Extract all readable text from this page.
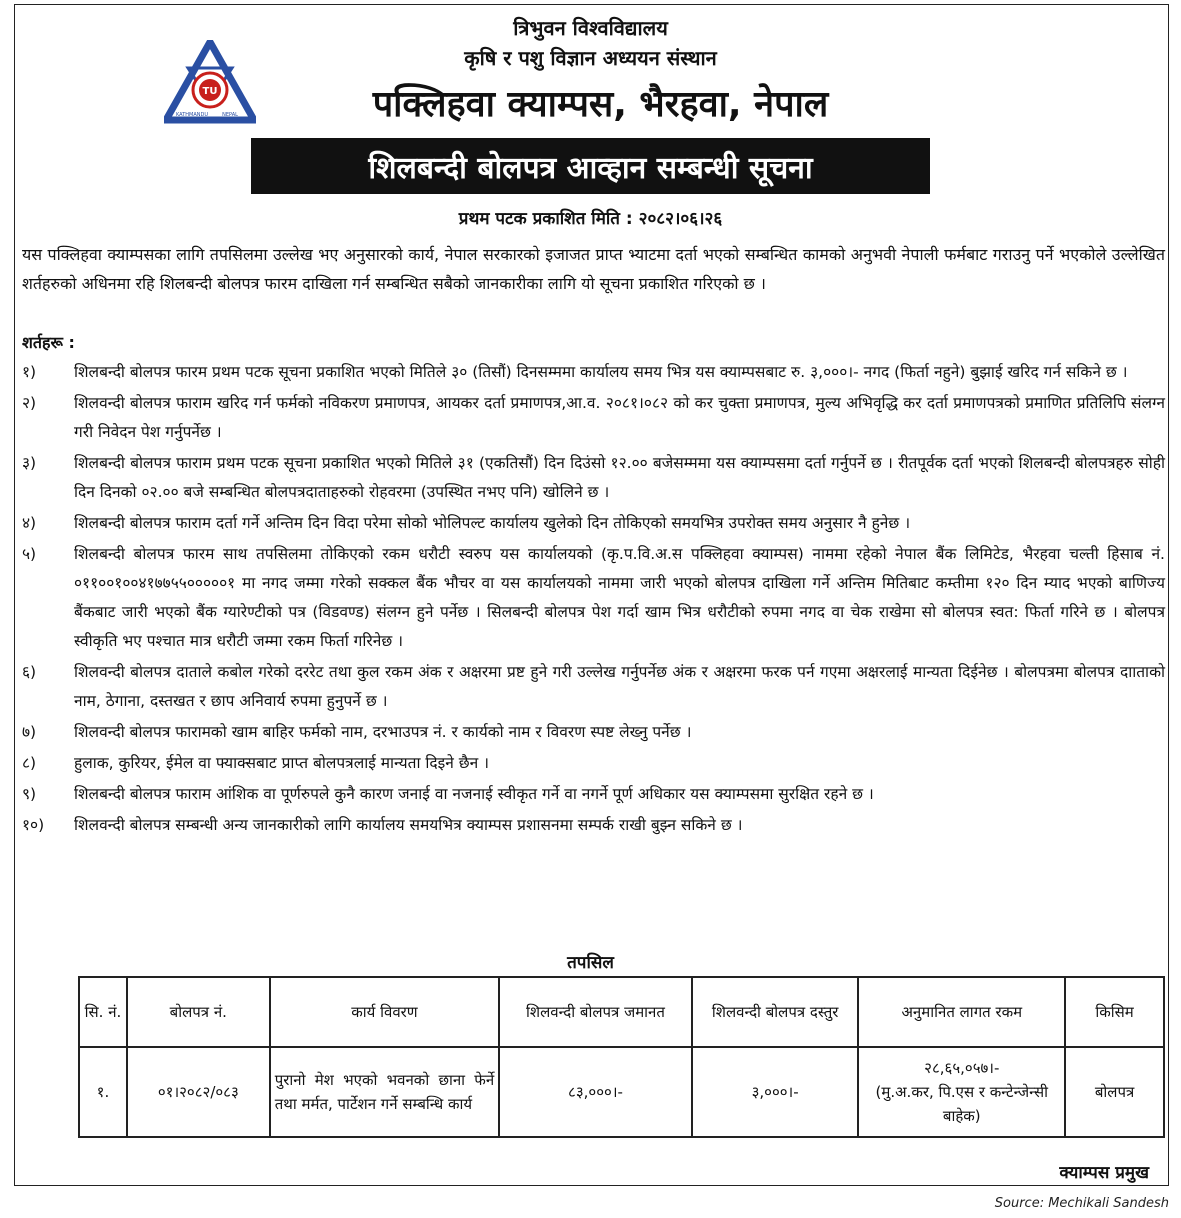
त्रिभुवन विश्वविद्यालय
कृषि र पशु विज्ञान अध्ययन संस्थान
TU
KATHMANDU	NEPAL	पक्लिहवा क्याम्पस, भैरहवा, नेपाल
शिलबन्दी बोलपत्र आव्हान सम्बन्धी सूचना
प्रथम पटक प्रकाशित मिति : २०८२।०६।२६
यस पक्लिहवा क्याम्पसका लागि तपसिलमा उल्लेख भए अनुसारको कार्य, नेपाल सरकारको इजाजत प्राप्त भ्याटमा दर्ता भएको सम्बन्धित कामको अनुभवी नेपाली फर्मबाट गराउनु पर्ने भएकोले उल्लेखित शर्तहरुको अधिनमा रहि शिलबन्दी बोलपत्र फारम दाखिला गर्न सम्बन्धित सबैको जानकारीका लागि यो सूचना प्रकाशित गरिएको छ ।
शर्तहरू :
१)	शिलबन्दी बोलपत्र फारम प्रथम पटक सूचना प्रकाशित भएको मितिले ३० (तिसौं) दिनसम्ममा कार्यालय समय भित्र यस क्याम्पसबाट रु. ३,०००।- नगद (फिर्ता नहुने) बुझाई खरिद गर्न सकिने छ ।
२)	शिलवन्दी बोलपत्र फाराम खरिद गर्न फर्मको नविकरण प्रमाणपत्र, आयकर दर्ता प्रमाणपत्र,आ.व. २०८१।०८२ को कर चुक्ता प्रमाणपत्र, मुल्य अभिवृद्धि कर दर्ता प्रमाणपत्रको प्रमाणित प्रतिलिपि संलग्न गरी निवेदन पेश गर्नुपर्नेछ ।
३)	शिलबन्दी बोलपत्र फाराम प्रथम पटक सूचना प्रकाशित भएको मितिले ३१ (एकतिसौं) दिन दिउंसो १२.०० बजेसम्ममा यस क्याम्पसमा दर्ता गर्नुपर्ने छ । रीतपूर्वक दर्ता भएको शिलबन्दी बोलपत्रहरु सोही दिन दिनको ०२.०० बजे सम्बन्धित बोलपत्रदाताहरुको रोहवरमा (उपस्थित नभए पनि) खोलिने छ ।
४)	शिलबन्दी बोलपत्र फाराम दर्ता गर्ने अन्तिम दिन विदा परेमा सोको भोलिपल्ट कार्यालय खुलेको दिन तोकिएको समयभित्र उपरोक्त समय अनुसार नै हुनेछ ।
५)	शिलबन्दी बोलपत्र फारम साथ तपसिलमा तोकिएको रकम धरौटी स्वरुप यस कार्यालयको (कृ.प.वि.अ.स पक्लिहवा क्याम्पस) नाममा रहेको नेपाल बैंक लिमिटेड, भैरहवा चल्ती हिसाब नं. ०११००१००४१७७५५०००००१ मा नगद जम्मा गरेको सक्कल बैंक भौचर वा यस कार्यालयको नाममा जारी भएको बोलपत्र दाखिला गर्ने अन्तिम मितिबाट कम्तीमा १२० दिन म्याद भएको बाणिज्य बैंकबाट जारी भएको बैंक ग्यारेण्टीको पत्र (विडवण्ड) संलग्न हुने पर्नेछ । सिलबन्दी बोलपत्र पेश गर्दा खाम भित्र धरौटीको रुपमा नगद वा चेक राखेमा सो बोलपत्र स्वत: फिर्ता गरिने छ । बोलपत्र स्वीकृति भए पश्चात मात्र धरौटी जम्मा रकम फिर्ता गरिनेछ ।
६)	शिलवन्दी बोलपत्र दाताले कबोल गरेको दररेट तथा कुल रकम अंक र अक्षरमा प्रष्ट हुने गरी उल्लेख गर्नुपर्नेछ अंक र अक्षरमा फरक पर्न गएमा अक्षरलाई मान्यता दिईनेछ । बोलपत्रमा बोलपत्र दााताको नाम, ठेगाना, दस्तखत र छाप अनिवार्य रुपमा हुनुपर्ने छ ।
७)	शिलवन्दी बोलपत्र फारामको खाम बाहिर फर्मको नाम, दरभाउपत्र नं. र कार्यको नाम र विवरण स्पष्ट लेख्नु पर्नेछ ।
८)	हुलाक, कुरियर, ईमेल वा फ्याक्सबाट प्राप्त बोलपत्रलाई मान्यता दिइने छैन ।
९)	शिलबन्दी बोलपत्र फाराम आंशिक वा पूर्णरुपले कुनै कारण जनाई वा नजनाई स्वीकृत गर्ने वा नगर्ने पूर्ण अधिकार यस क्याम्पसमा सुरक्षित रहने छ ।
१०)	शिलवन्दी बोलपत्र सम्बन्धी अन्य जानकारीको लागि कार्यालय समयभित्र क्याम्पस प्रशासनमा सम्पर्क राखी बुझ्न सकिने छ ।
तपसिल
सि. नं.	बोलपत्र नं.	कार्य विवरण	शिलवन्दी बोलपत्र जमानत	शिलवन्दी बोलपत्र दस्तुर	अनुमानित लागत रकम	किसिम
१.	०१।२०८२/०८३	पुरानो मेश भएको भवनको छाना फेर्ने तथा मर्मत, पार्टेशन गर्ने सम्बन्धि कार्य	८३,०००।-	३,०००।-	२८,६५,०५७।-
(मु.अ.कर, पि.एस र कन्टेन्जेन्सी बाहेक)	बोलपत्र
क्याम्पस प्रमुख
Source: Mechikali Sandesh
